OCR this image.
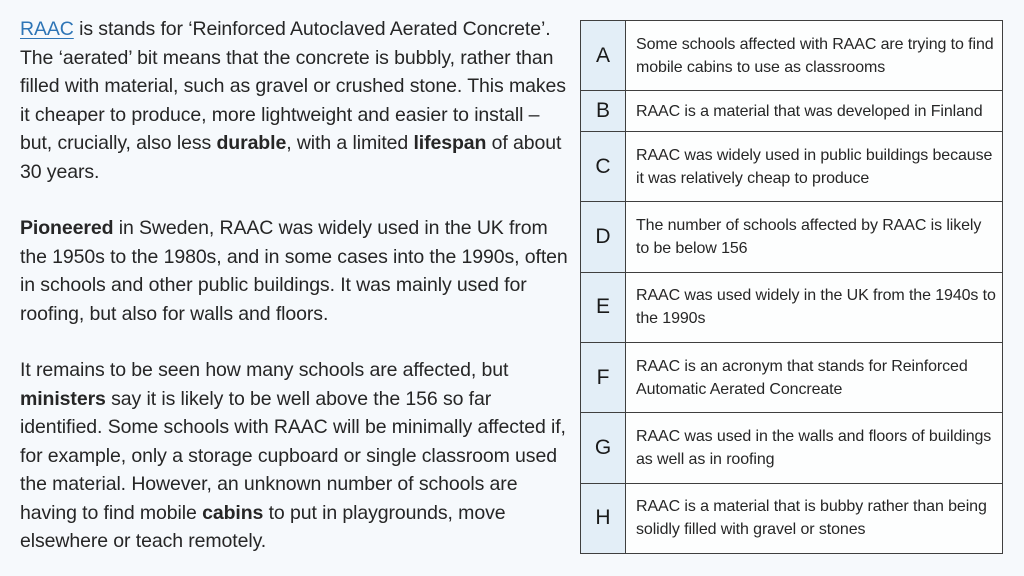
RAAC is stands for ‘Reinforced Autoclaved Aerated Concrete’. The ‘aerated’ bit means that the concrete is bubbly, rather than filled with material, such as gravel or crushed stone. This makes it cheaper to produce, more lightweight and easier to install – but, crucially, also less durable, with a limited lifespan of about 30 years.

Pioneered in Sweden, RAAC was widely used in the UK from the 1950s to the 1980s, and in some cases into the 1990s, often in schools and other public buildings. It was mainly used for roofing, but also for walls and floors.

It remains to be seen how many schools are affected, but ministers say it is likely to be well above the 156 so far identified. Some schools with RAAC will be minimally affected if, for example, only a storage cupboard or single classroom used the material. However, an unknown number of schools are having to find mobile cabins to put in playgrounds, move elsewhere or teach remotely.

A	Some schools affected with RAAC are trying to find mobile cabins to use as classrooms
B	RAAC is a material that was developed in Finland
C	RAAC was widely used in public buildings because it was relatively cheap to produce
D	The number of schools affected by RAAC is likely to be below 156
E	RAAC was used widely in the UK from the 1940s to the 1990s
F	RAAC is an acronym that stands for Reinforced Automatic Aerated Concreate
G	RAAC was used in the walls and floors of buildings as well as in roofing
H	RAAC is a material that is bubby rather than being solidly filled with gravel or stones
